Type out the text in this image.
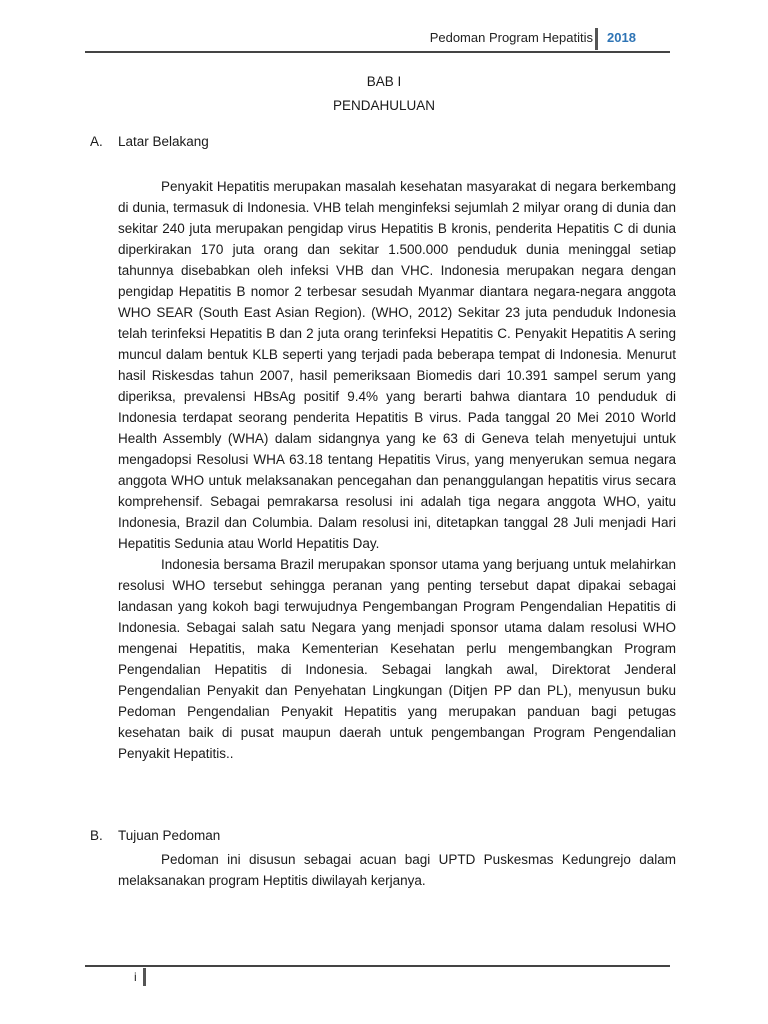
Pedoman Program Hepatitis 2018
BAB I
PENDAHULUAN
A. Latar Belakang

Penyakit Hepatitis merupakan masalah kesehatan masyarakat di negara berkembang di dunia, termasuk di Indonesia. VHB telah menginfeksi sejumlah 2 milyar orang di dunia dan sekitar 240 juta merupakan pengidap virus Hepatitis B kronis, penderita Hepatitis C di dunia diperkirakan 170 juta orang dan sekitar 1.500.000 penduduk dunia meninggal setiap tahunnya disebabkan oleh infeksi VHB dan VHC. Indonesia merupakan negara dengan pengidap Hepatitis B nomor 2 terbesar sesudah Myanmar diantara negara-negara anggota WHO SEAR (South East Asian Region). (WHO, 2012) Sekitar 23 juta penduduk Indonesia telah terinfeksi Hepatitis B dan 2 juta orang terinfeksi Hepatitis C. Penyakit Hepatitis A sering muncul dalam bentuk KLB seperti yang terjadi pada beberapa tempat di Indonesia. Menurut hasil Riskesdas tahun 2007, hasil pemeriksaan Biomedis dari 10.391 sampel serum yang diperiksa, prevalensi HBsAg positif 9.4% yang berarti bahwa diantara 10 penduduk di Indonesia terdapat seorang penderita Hepatitis B virus. Pada tanggal 20 Mei 2010 World Health Assembly (WHA) dalam sidangnya yang ke 63 di Geneva telah menyetujui untuk mengadopsi Resolusi WHA 63.18 tentang Hepatitis Virus, yang menyerukan semua negara anggota WHO untuk melaksanakan pencegahan dan penanggulangan hepatitis virus secara komprehensif. Sebagai pemrakarsa resolusi ini adalah tiga negara anggota WHO, yaitu Indonesia, Brazil dan Columbia. Dalam resolusi ini, ditetapkan tanggal 28 Juli menjadi Hari Hepatitis Sedunia atau World Hepatitis Day.

Indonesia bersama Brazil merupakan sponsor utama yang berjuang untuk melahirkan resolusi WHO tersebut sehingga peranan yang penting tersebut dapat dipakai sebagai landasan yang kokoh bagi terwujudnya Pengembangan Program Pengendalian Hepatitis di Indonesia. Sebagai salah satu Negara yang menjadi sponsor utama dalam resolusi WHO mengenai Hepatitis, maka Kementerian Kesehatan perlu mengembangkan Program Pengendalian Hepatitis di Indonesia. Sebagai langkah awal, Direktorat Jenderal Pengendalian Penyakit dan Penyehatan Lingkungan (Ditjen PP dan PL), menyusun buku Pedoman Pengendalian Penyakit Hepatitis yang merupakan panduan bagi petugas kesehatan baik di pusat maupun daerah untuk pengembangan Program Pengendalian Penyakit Hepatitis..

B. Tujuan Pedoman

Pedoman ini disusun sebagai acuan bagi UPTD Puskesmas Kedungrejo dalam melaksanakan program Heptitis diwilayah kerjanya.

i
